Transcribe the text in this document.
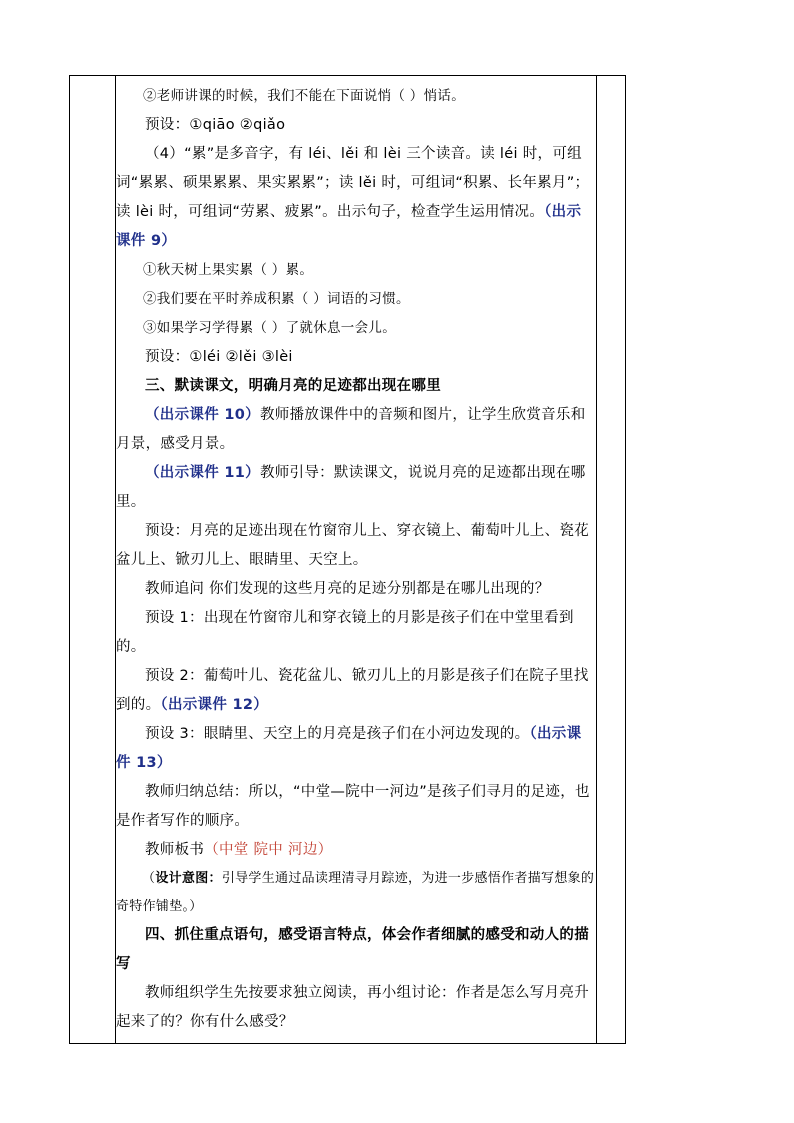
②老师讲课的时候，我们不能在下面说悄（ ）悄话。

预设：①qiāo ②qiǎo

（4）“累”是多音字，有 léi、lěi 和 lèi 三个读音。读 léi 时，可组词“累累、硕果累累、果实累累”；读 lěi 时，可组词“积累、长年累月”；读 lèi 时，可组词“劳累、疲累”。出示句子，检查学生运用情况。（出示课件 9）

①秋天树上果实累（ ）累。

②我们要在平时养成积累（ ）词语的习惯。

③如果学习学得累（ ）了就休息一会儿。

预设：①léi ②lěi ③lèi

三、默读课文，明确月亮的足迹都出现在哪里

（出示课件 10）教师播放课件中的音频和图片，让学生欣赏音乐和月景，感受月景。

（出示课件 11）教师引导：默读课文，说说月亮的足迹都出现在哪里。

预设：月亮的足迹出现在竹窗帘儿上、穿衣镜上、葡萄叶儿上、瓷花盆儿上、锨刃儿上、眼睛里、天空上。

教师追问 你们发现的这些月亮的足迹分别都是在哪儿出现的？

预设 1：出现在竹窗帘儿和穿衣镜上的月影是孩子们在中堂里看到的。

预设 2：葡萄叶儿、瓷花盆儿、锨刃儿上的月影是孩子们在院子里找到的。（出示课件 12）

预设 3：眼睛里、天空上的月亮是孩子们在小河边发现的。（出示课件 13）

教师归纳总结：所以，“中堂—院中一河边”是孩子们寻月的足迹，也是作者写作的顺序。

教师板书（中堂 院中 河边）

（设计意图：引导学生通过品读理清寻月踪迹，为进一步感悟作者描写想象的奇特作铺垫。）

四、抓住重点语句，感受语言特点，体会作者细腻的感受和动人的描写

教师组织学生先按要求独立阅读，再小组讨论：作者是怎么写月亮升起来了的？你有什么感受？
